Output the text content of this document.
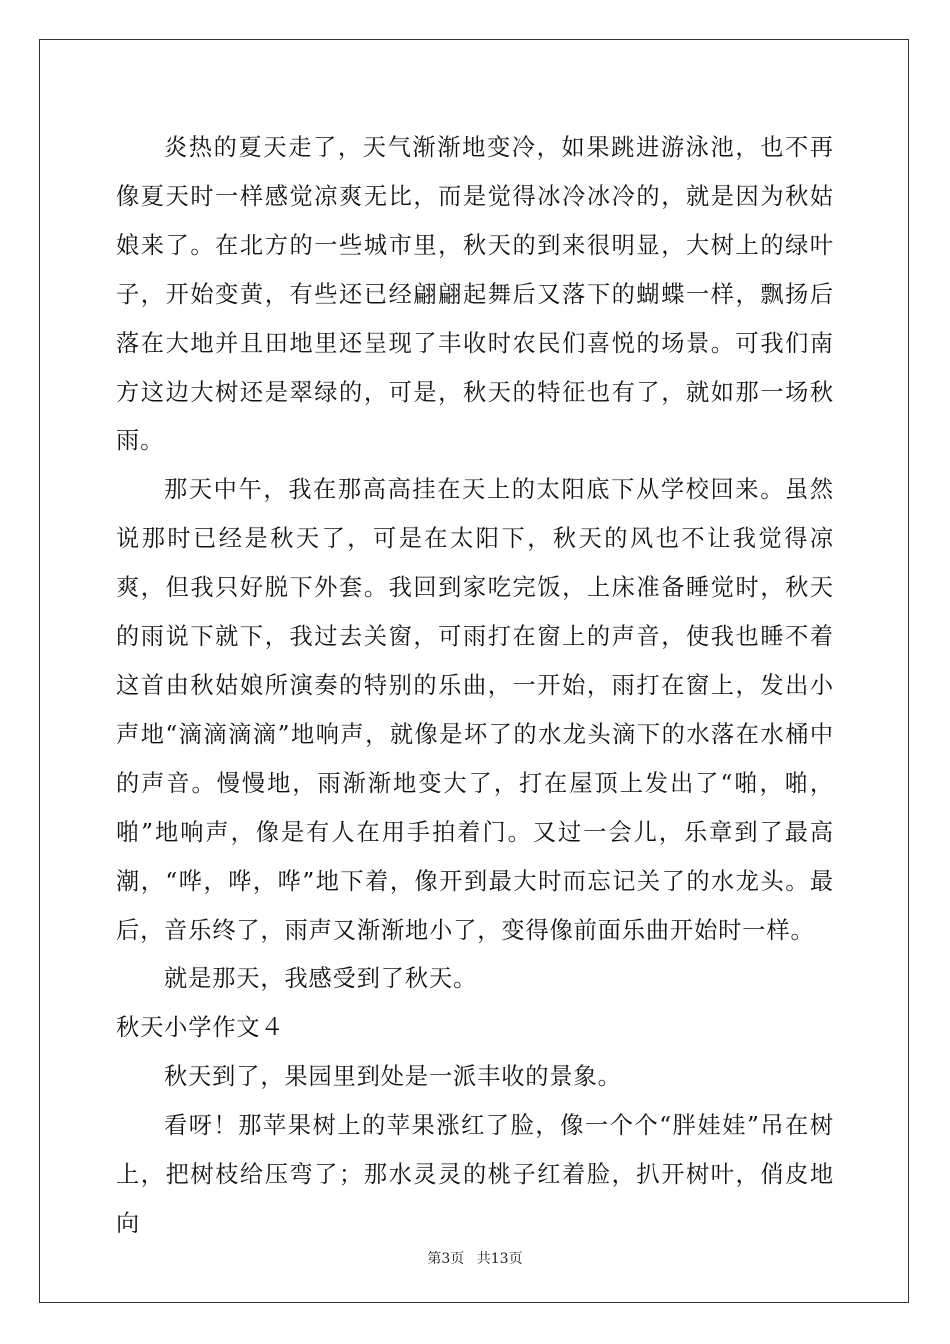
炎热的夏天走了，天气渐渐地变冷，如果跳进游泳池，也不再像夏天时一样感觉凉爽无比，而是觉得冰冷冰冷的，就是因为秋姑娘来了。在北方的一些城市里，秋天的到来很明显，大树上的绿叶子，开始变黄，有些还已经翩翩起舞后又落下的蝴蝶一样，飘扬后落在大地并且田地里还呈现了丰收时农民们喜悦的场景。可我们南方这边大树还是翠绿的，可是，秋天的特征也有了，就如那一场秋雨。

那天中午，我在那高高挂在天上的太阳底下从学校回来。虽然说那时已经是秋天了，可是在太阳下，秋天的风也不让我觉得凉爽，但我只好脱下外套。我回到家吃完饭，上床准备睡觉时，秋天的雨说下就下，我过去关窗，可雨打在窗上的声音，使我也睡不着这首由秋姑娘所演奏的特别的乐曲，一开始，雨打在窗上，发出小声地“滴滴滴滴”地响声，就像是坏了的水龙头滴下的水落在水桶中的声音。慢慢地，雨渐渐地变大了，打在屋顶上发出了“啪，啪，啪”地响声，像是有人在用手拍着门。又过一会儿，乐章到了最高潮，“哗，哗，哗”地下着，像开到最大时而忘记关了的水龙头。最后，音乐终了，雨声又渐渐地小了，变得像前面乐曲开始时一样。

就是那天，我感受到了秋天。

秋天小学作文４

秋天到了，果园里到处是一派丰收的景象。

看呀！那苹果树上的苹果涨红了脸，像一个个“胖娃娃”吊在树上，把树枝给压弯了；那水灵灵的桃子红着脸，扒开树叶，俏皮地向

第3页 共13页
